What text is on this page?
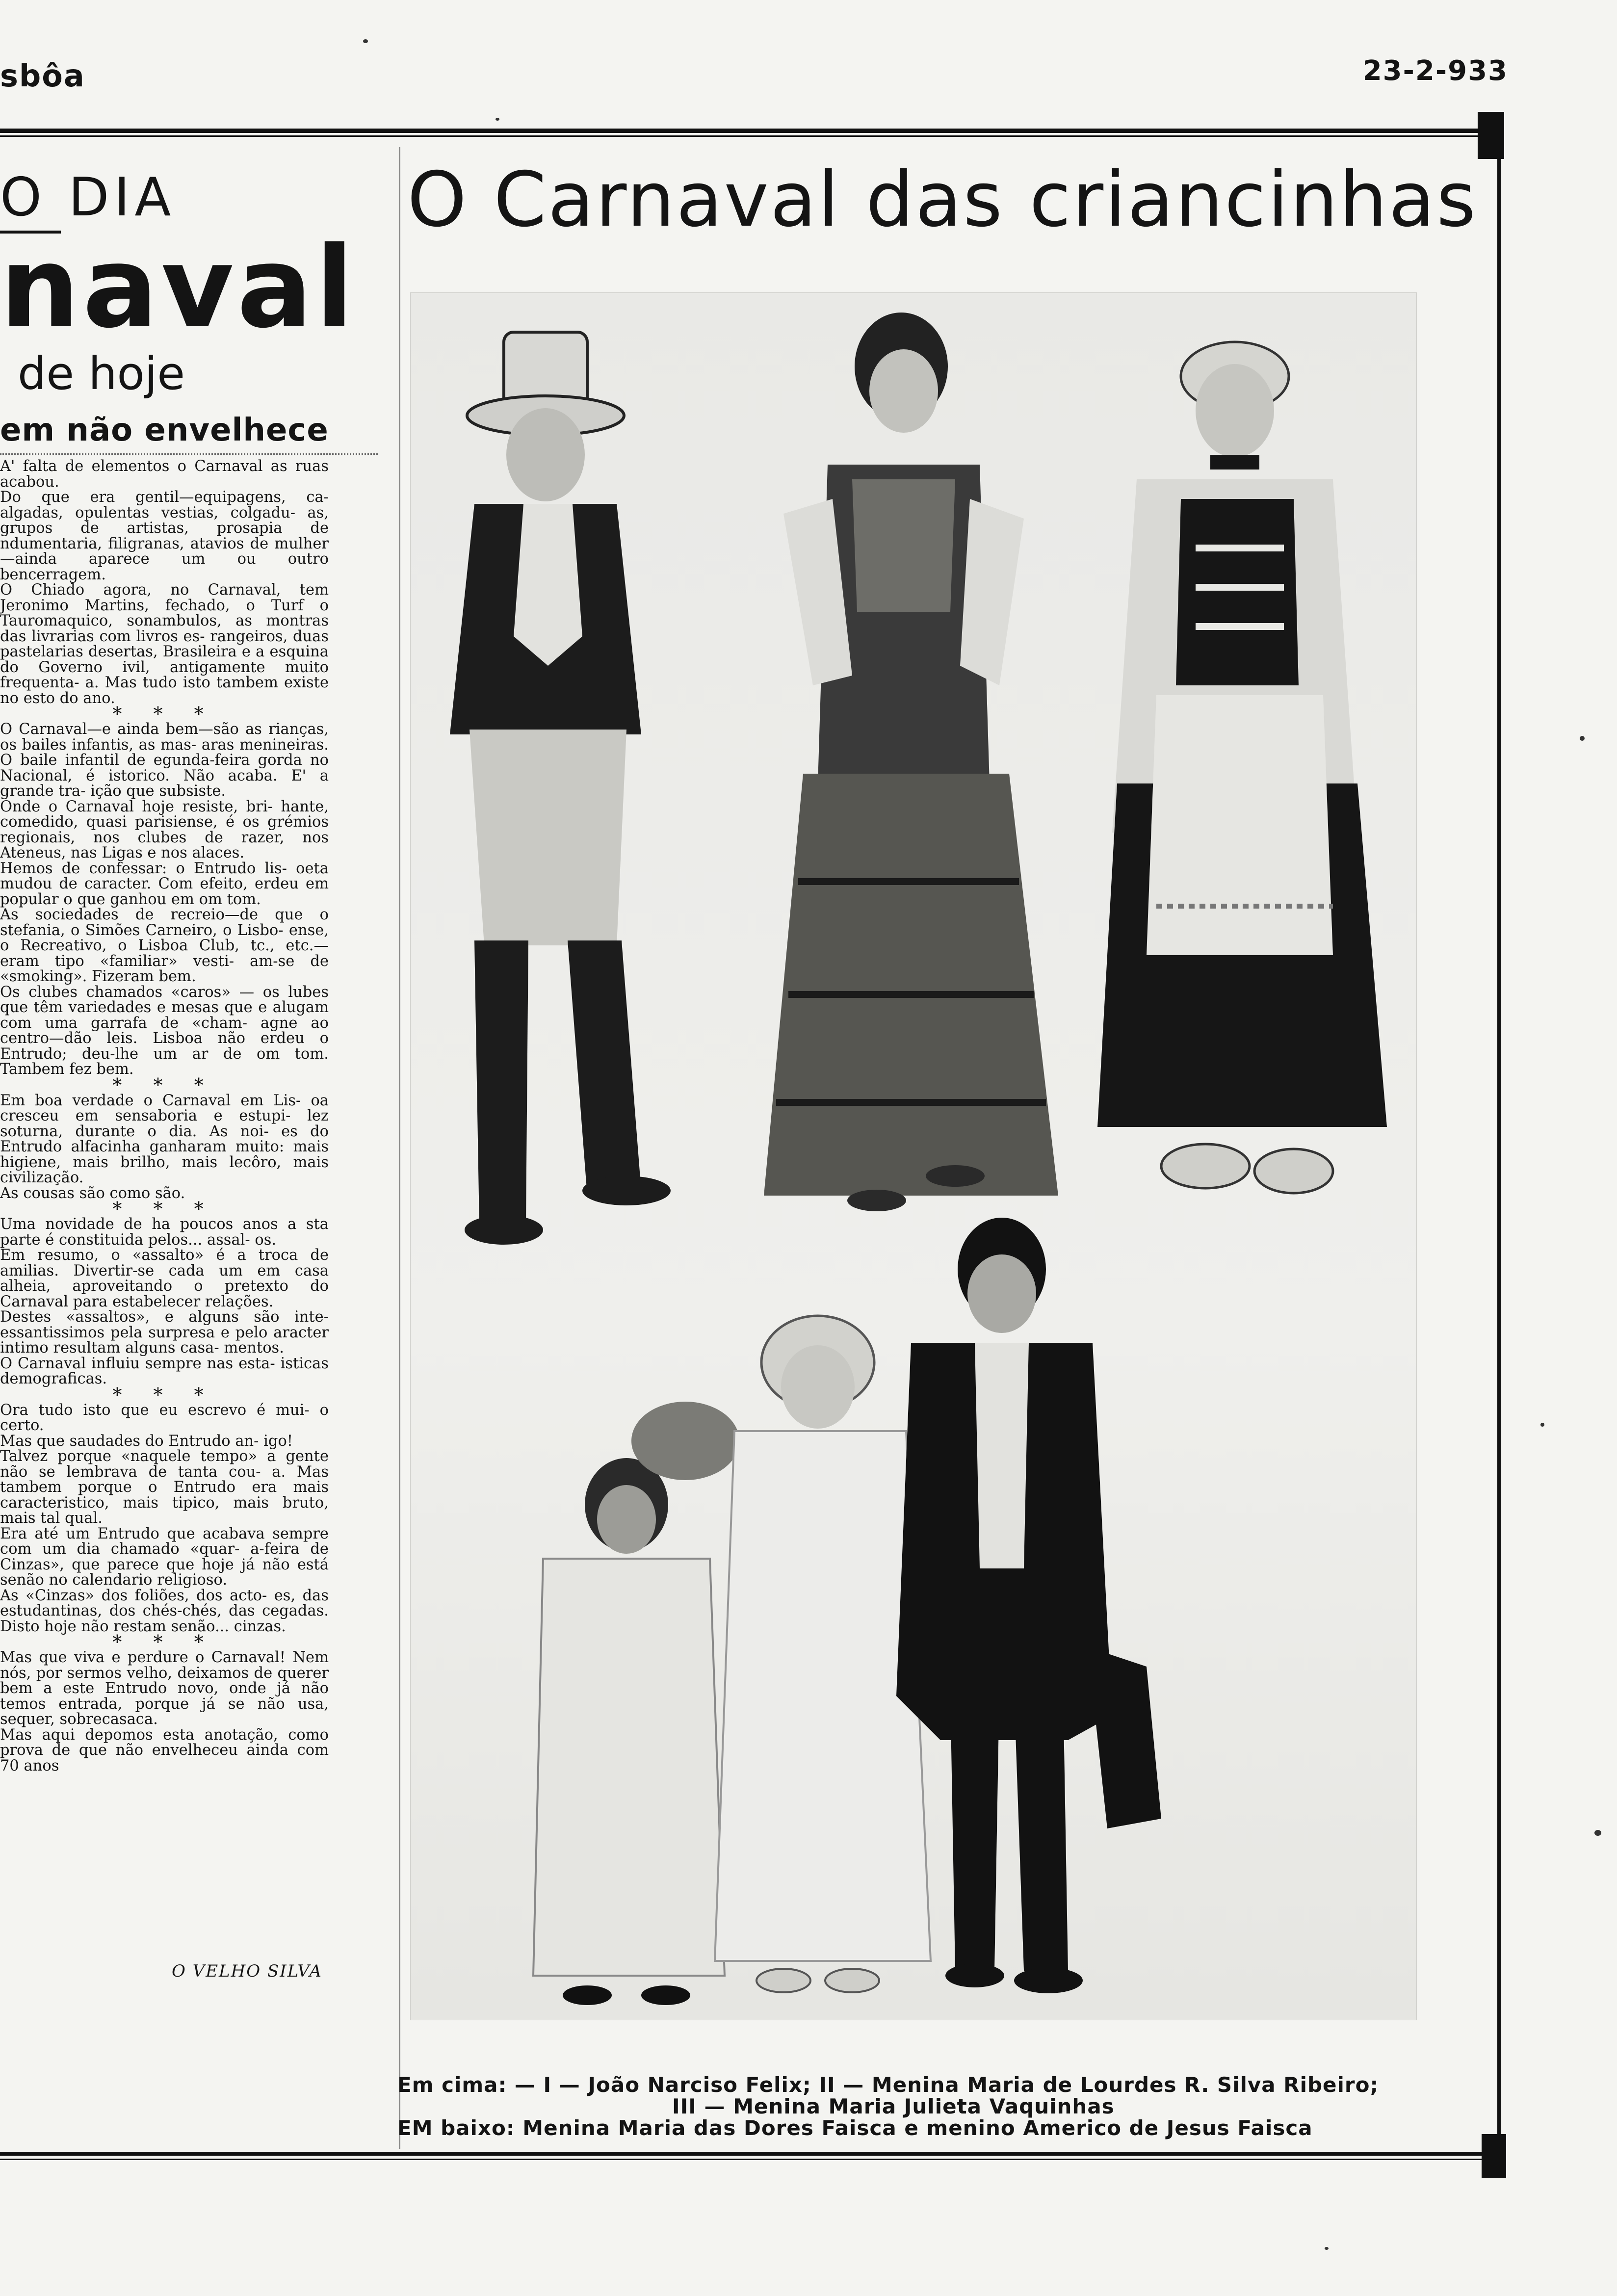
sbôa	23-2-933
O DIA
naval
de hoje
em não envelhece

A' falta de elementos o Carnaval as ruas acabou.

Do que era gentil—equipagens, ca- algadas, opulentas vestias, colgadu- as, grupos de artistas, prosapia de ndumentaria, filigranas, atavios de mulher—ainda aparece um ou outro bencerragem.

O Chiado agora, no Carnaval, tem Jeronimo Martins, fechado, o Turf o Tauromaquico, sonambulos, as montras das livrarias com livros es- rangeiros, duas pastelarias desertas, Brasileira e a esquina do Governo ivil, antigamente muito frequenta- a. Mas tudo isto tambem existe no esto do ano.

* * *

O Carnaval—e ainda bem—são as rianças, os bailes infantis, as mas- aras menineiras. O baile infantil de egunda-feira gorda no Nacional, é istorico. Não acaba. E' a grande tra- ição que subsiste.

Onde o Carnaval hoje resiste, bri- hante, comedido, quasi parisiense, é os grémios regionais, nos clubes de razer, nos Ateneus, nas Ligas e nos alaces.

Hemos de confessar: o Entrudo lis- oeta mudou de caracter. Com efeito, erdeu em popular o que ganhou em om tom.

As sociedades de recreio—de que o stefania, o Simões Carneiro, o Lisbo- ense, o Recreativo, o Lisboa Club, tc., etc.—eram tipo «familiar» vesti- am-se de «smoking». Fizeram bem.

Os clubes chamados «caros» — os lubes que têm variedades e mesas que e alugam com uma garrafa de «cham- agne ao centro—dão leis. Lisboa não erdeu o Entrudo; deu-lhe um ar de om tom. Tambem fez bem.

* * *

Em boa verdade o Carnaval em Lis- oa cresceu em sensaboria e estupi- lez soturna, durante o dia. As noi- es do Entrudo alfacinha ganharam muito: mais higiene, mais brilho, mais lecôro, mais civilização.

As cousas são como são.

* * *

Uma novidade de ha poucos anos a sta parte é constituida pelos... assal- os.

Em resumo, o «assalto» é a troca de amilias. Divertir-se cada um em casa alheia, aproveitando o pretexto do Carnaval para estabelecer relações.

Destes «assaltos», e alguns são inte- essantissimos pela surpresa e pelo aracter intimo resultam alguns casa- mentos.

O Carnaval influiu sempre nas esta- isticas demograficas.

* * *

Ora tudo isto que eu escrevo é mui- o certo.

Mas que saudades do Entrudo an- igo!

Talvez porque «naquele tempo» a gente não se lembrava de tanta cou- a. Mas tambem porque o Entrudo era mais caracteristico, mais tipico, mais bruto, mais tal qual.

Era até um Entrudo que acabava sempre com um dia chamado «quar- a-feira de Cinzas», que parece que hoje já não está senão no calendario religioso.

As «Cinzas» dos foliões, dos acto- es, das estudantinas, dos chés-chés, das cegadas. Disto hoje não restam senão... cinzas.

* * *

Mas que viva e perdure o Carnaval! Nem nós, por sermos velho, deixamos de querer bem a este Entrudo novo, onde já não temos entrada, porque já se não usa, sequer, sobrecasaca.

Mas aqui depomos esta anotação, como prova de que não envelheceu ainda com 70 anos

O VELHO SILVA
O Carnaval das criancinhas
Em cima: — I — João Narciso Felix; II — Menina Maria de Lourdes R. Silva Ribeiro;
III — Menina Maria Julieta Vaquinhas
EM baixo: Menina Maria das Dores Faisca e menino Americo de Jesus Faisca
